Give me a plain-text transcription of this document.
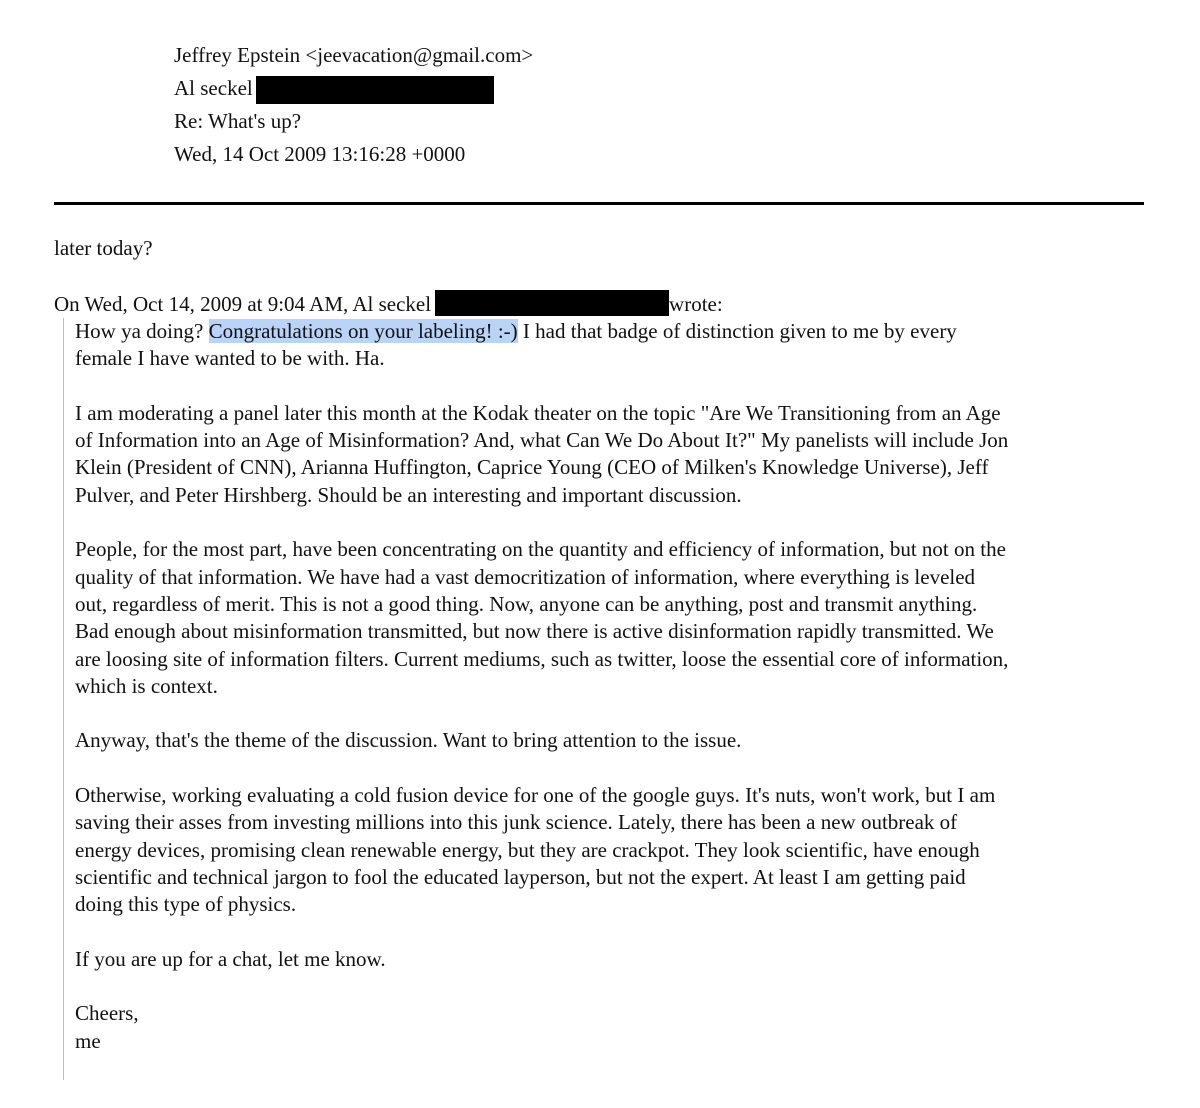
Jeffrey Epstein <jeevacation@gmail.com>
Al seckel
Re: What's up?
Wed, 14 Oct 2009 13:16:28 +0000
later today?
On Wed, Oct 14, 2009 at 9:04 AM, Al seckel	wrote:

How ya doing? Congratulations on your labeling! :-) I had that badge of distinction given to me by every
female I have wanted to be with. Ha.

I am moderating a panel later this month at the Kodak theater on the topic "Are We Transitioning from an Age
of Information into an Age of Misinformation? And, what Can We Do About It?" My panelists will include Jon
Klein (President of CNN), Arianna Huffington, Caprice Young (CEO of Milken's Knowledge Universe), Jeff
Pulver, and Peter Hirshberg. Should be an interesting and important discussion.

People, for the most part, have been concentrating on the quantity and efficiency of information, but not on the
quality of that information. We have had a vast democritization of information, where everything is leveled
out, regardless of merit. This is not a good thing. Now, anyone can be anything, post and transmit anything.
Bad enough about misinformation transmitted, but now there is active disinformation rapidly transmitted. We
are loosing site of information filters. Current mediums, such as twitter, loose the essential core of information,
which is context.

Anyway, that's the theme of the discussion. Want to bring attention to the issue.

Otherwise, working evaluating a cold fusion device for one of the google guys. It's nuts, won't work, but I am
saving their asses from investing millions into this junk science. Lately, there has been a new outbreak of
energy devices, promising clean renewable energy, but they are crackpot. They look scientific, have enough
scientific and technical jargon to fool the educated layperson, but not the expert. At least I am getting paid
doing this type of physics.

If you are up for a chat, let me know.

Cheers,
me
